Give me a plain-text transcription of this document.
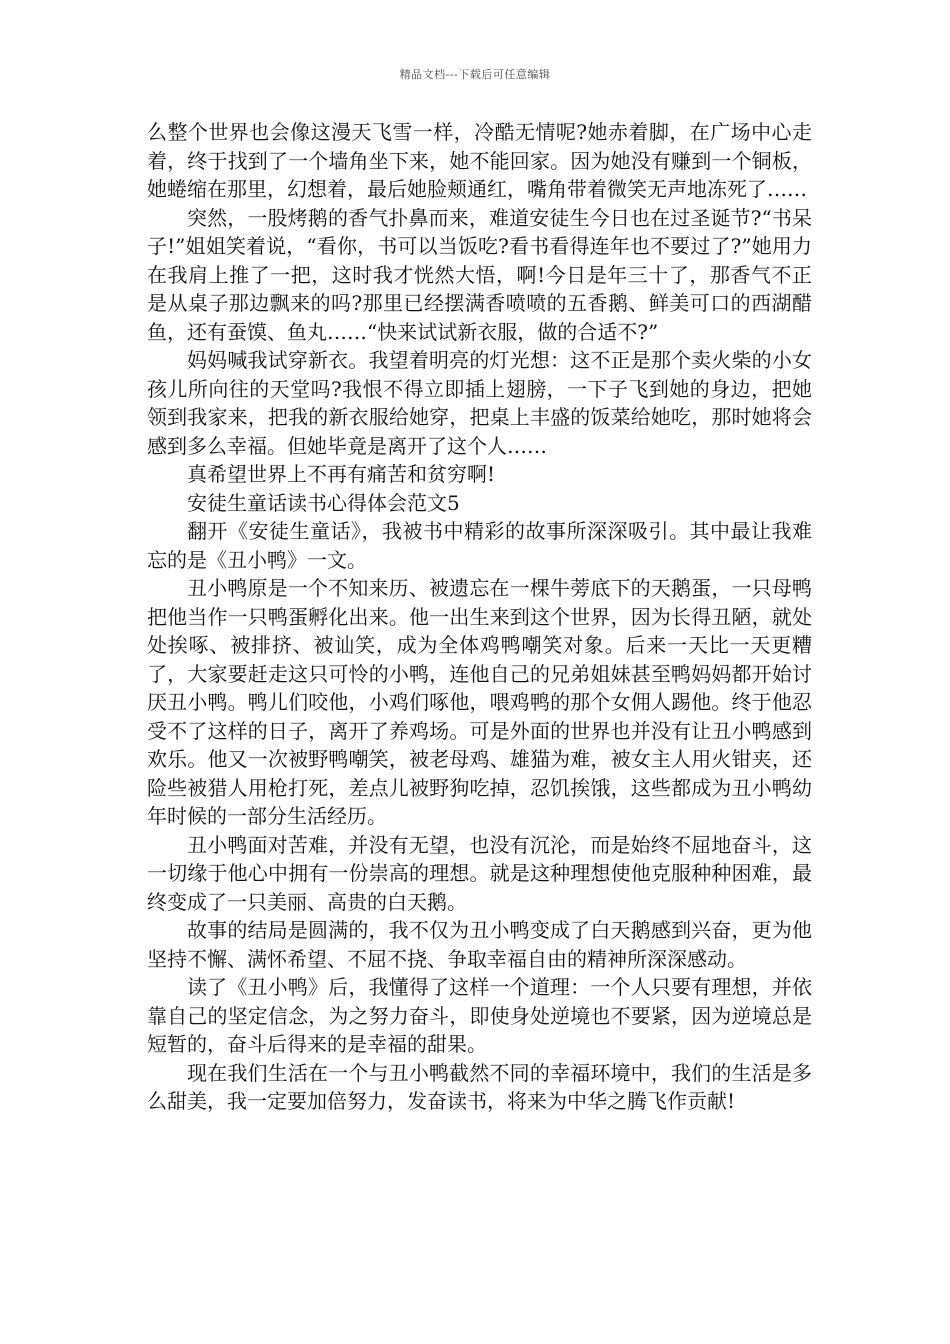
精品文档---下载后可任意编辑

么整个世界也会像这漫天飞雪一样，冷酷无情呢?她赤着脚，在广场中心走着，终于找到了一个墙角坐下来，她不能回家。因为她没有赚到一个铜板，她蜷缩在那里，幻想着，最后她脸颊通红，嘴角带着微笑无声地冻死了……

突然，一股烤鹅的香气扑鼻而来，难道安徒生今日也在过圣诞节?“书呆子!”姐姐笑着说，“看你，书可以当饭吃?看书看得连年也不要过了?”她用力在我肩上推了一把，这时我才恍然大悟，啊!今日是年三十了，那香气不正是从桌子那边飘来的吗?那里已经摆满香喷喷的五香鹅、鲜美可口的西湖醋鱼，还有蚕馍、鱼丸……“快来试试新衣服，做的合适不?”

妈妈喊我试穿新衣。我望着明亮的灯光想：这不正是那个卖火柴的小女孩儿所向往的天堂吗?我恨不得立即插上翅膀，一下子飞到她的身边，把她领到我家来，把我的新衣服给她穿，把桌上丰盛的饭菜给她吃，那时她将会感到多么幸福。但她毕竟是离开了这个人……

真希望世界上不再有痛苦和贫穷啊!

安徒生童话读书心得体会范文5

翻开《安徒生童话》，我被书中精彩的故事所深深吸引。其中最让我难忘的是《丑小鸭》一文。

丑小鸭原是一个不知来历、被遗忘在一棵牛蒡底下的天鹅蛋，一只母鸭把他当作一只鸭蛋孵化出来。他一出生来到这个世界，因为长得丑陋，就处处挨啄、被排挤、被讪笑，成为全体鸡鸭嘲笑对象。后来一天比一天更糟了，大家要赶走这只可怜的小鸭，连他自己的兄弟姐妹甚至鸭妈妈都开始讨厌丑小鸭。鸭儿们咬他，小鸡们啄他，喂鸡鸭的那个女佣人踢他。终于他忍受不了这样的日子，离开了养鸡场。可是外面的世界也并没有让丑小鸭感到欢乐。他又一次被野鸭嘲笑，被老母鸡、雄猫为难，被女主人用火钳夹，还险些被猎人用枪打死，差点儿被野狗吃掉，忍饥挨饿，这些都成为丑小鸭幼年时候的一部分生活经历。

丑小鸭面对苦难，并没有无望，也没有沉沦，而是始终不屈地奋斗，这一切缘于他心中拥有一份崇高的理想。就是这种理想使他克服种种困难，最终变成了一只美丽、高贵的白天鹅。

故事的结局是圆满的，我不仅为丑小鸭变成了白天鹅感到兴奋，更为他坚持不懈、满怀希望、不屈不挠、争取幸福自由的精神所深深感动。

读了《丑小鸭》后，我懂得了这样一个道理：一个人只要有理想，并依靠自己的坚定信念，为之努力奋斗，即使身处逆境也不要紧，因为逆境总是短暂的，奋斗后得来的是幸福的甜果。

现在我们生活在一个与丑小鸭截然不同的幸福环境中，我们的生活是多么甜美，我一定要加倍努力，发奋读书，将来为中华之腾飞作贡献!
